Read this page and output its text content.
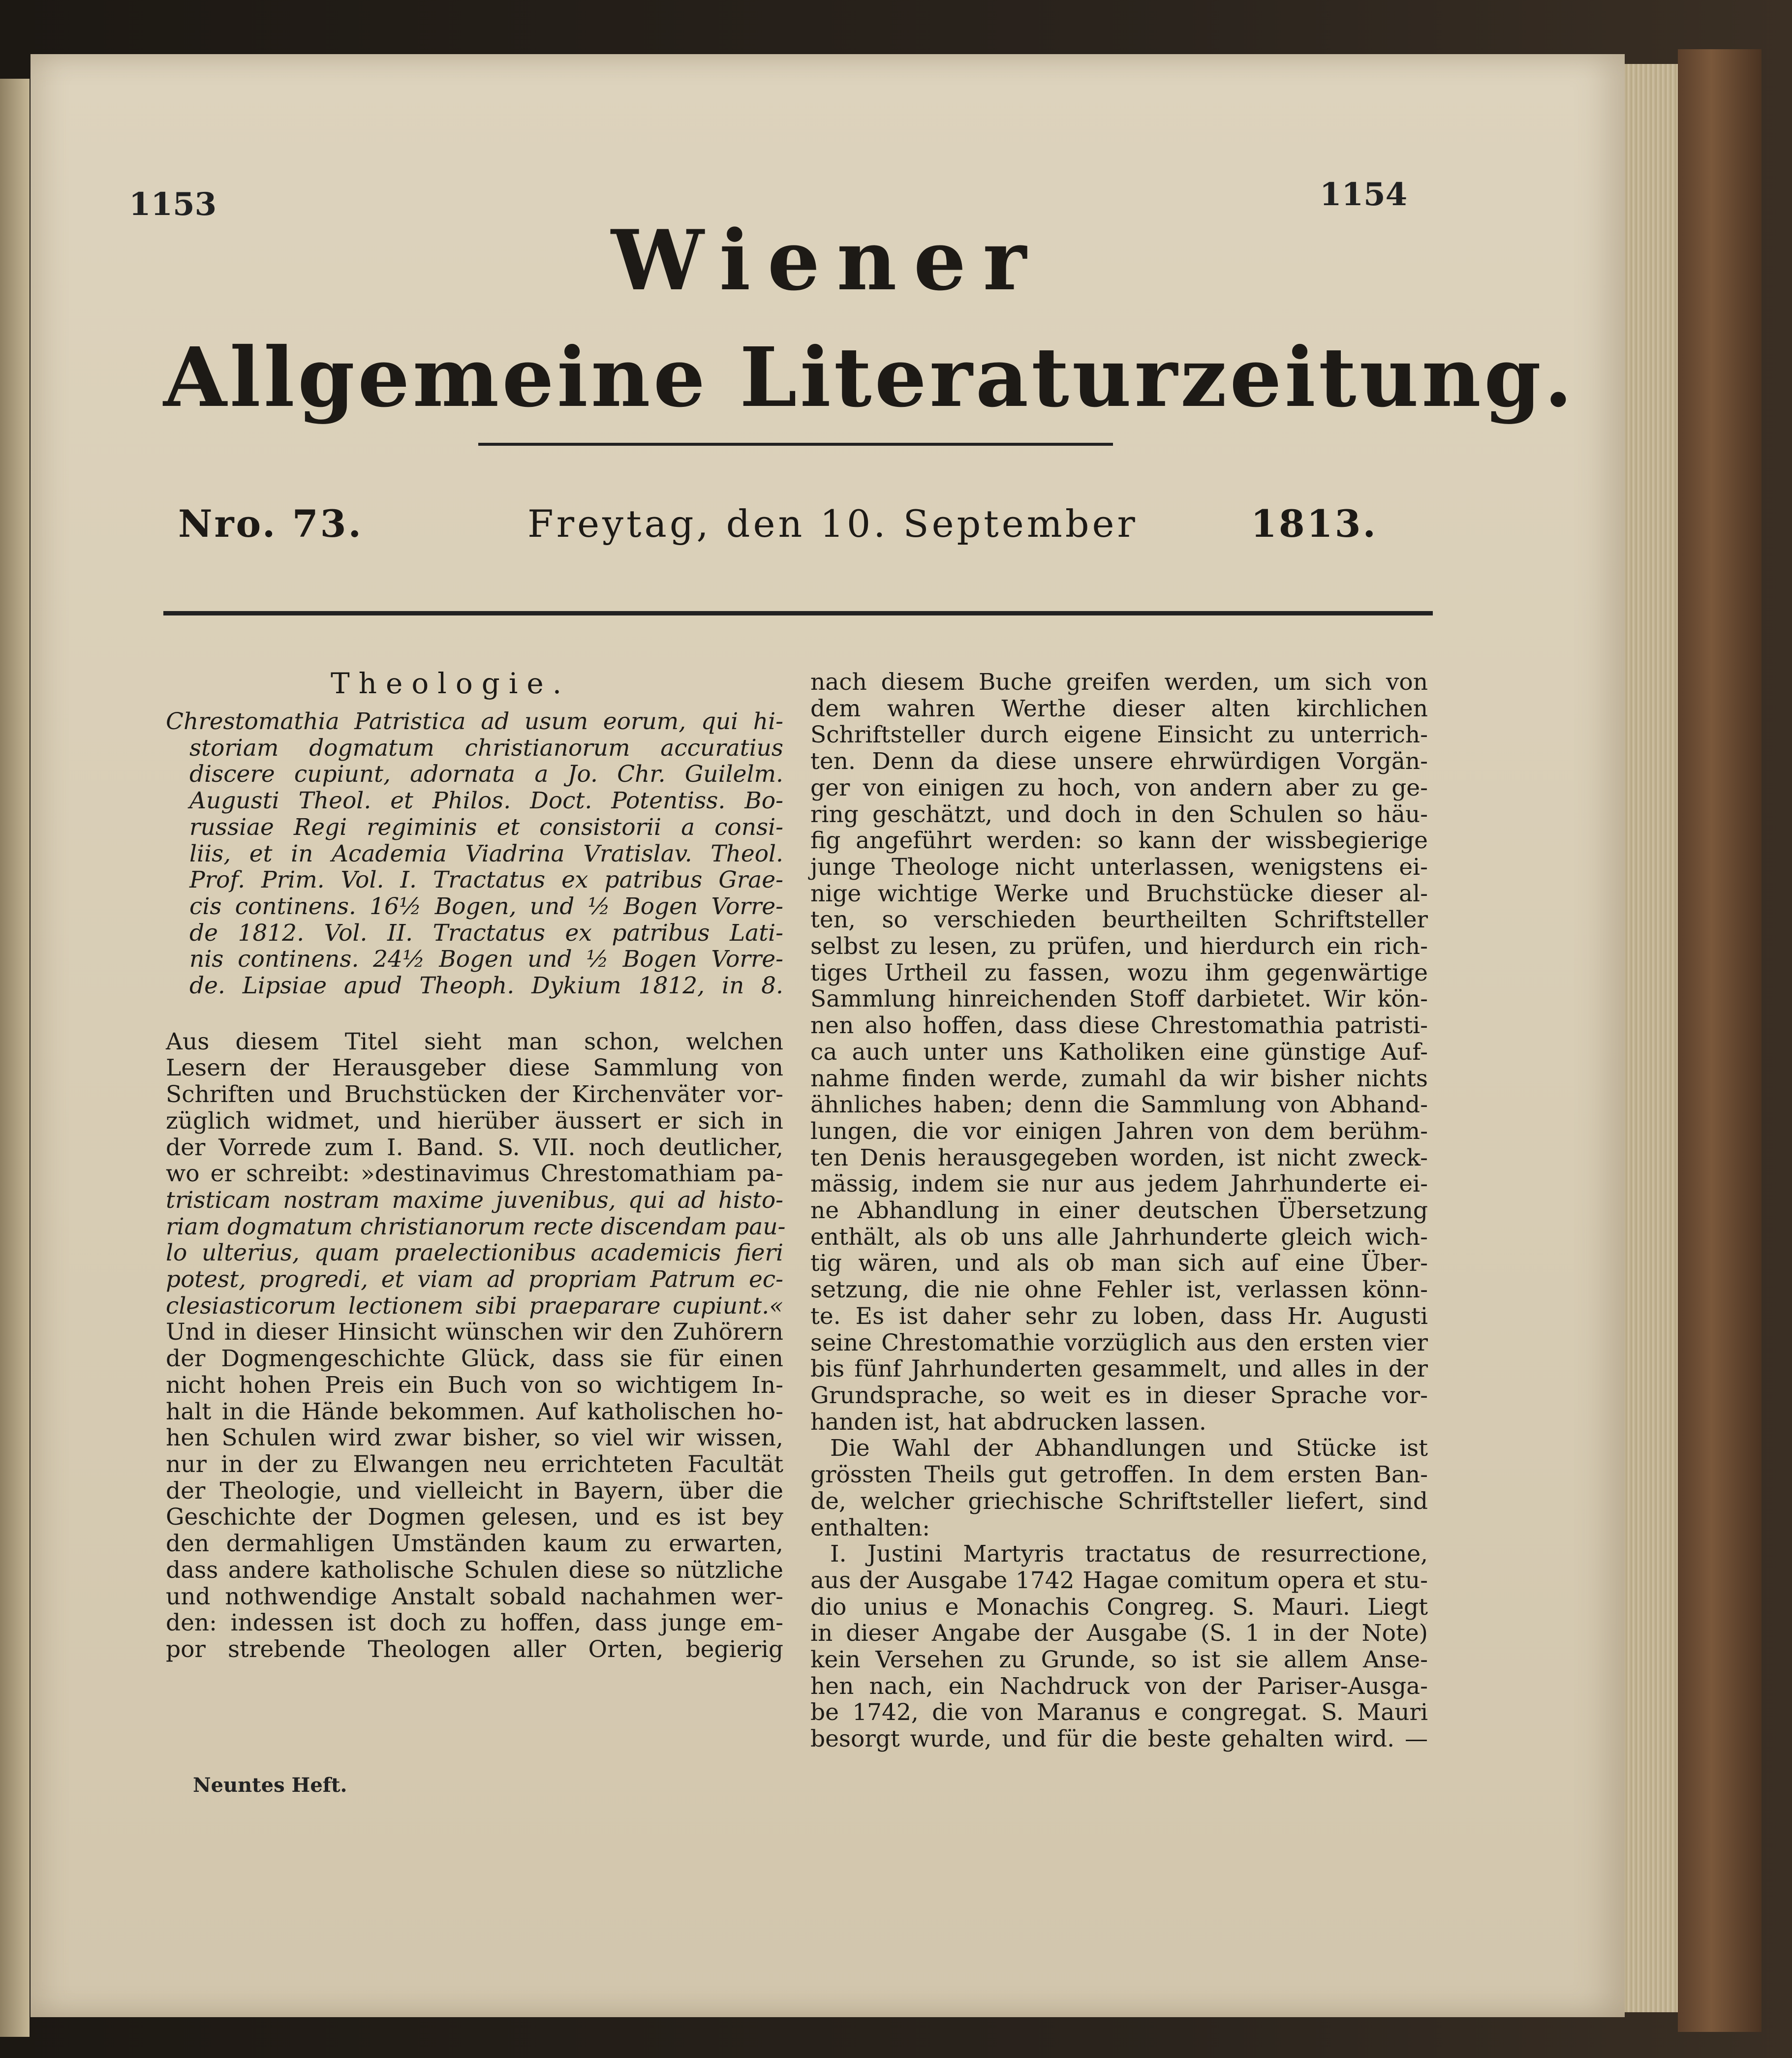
1153	1154
Wiener
Allgemeine Literaturzeitung.
Nro. 73.	Freytag, den 10. September	1813.
Theologie.
Chrestomathia Patristica ad usum eorum, qui hi-
storiam dogmatum christianorum accuratius
discere cupiunt, adornata a Jo. Chr. Guilelm.
Augusti Theol. et Philos. Doct. Potentiss. Bo-
russiae Regi regiminis et consistorii a consi-
liis, et in Academia Viadrina Vratislav. Theol.
Prof. Prim. Vol. I. Tractatus ex patribus Grae-
cis continens. 16½ Bogen, und ½ Bogen Vorre-
de 1812. Vol. II. Tractatus ex patribus Lati-
nis continens. 24½ Bogen und ½ Bogen Vorre-
de. Lipsiae apud Theoph. Dykium 1812, in 8.
Aus diesem Titel sieht man schon, welchen
Lesern der Herausgeber diese Sammlung von
Schriften und Bruchstücken der Kirchenväter vor-
züglich widmet, und hierüber äussert er sich in
der Vorrede zum I. Band. S. VII. noch deutlicher,
wo er schreibt: »destinavimus Chrestomathiam pa-
tristicam nostram maxime juvenibus, qui ad histo-
riam dogmatum christianorum recte discendam pau-
lo ulterius, quam praelectionibus academicis fieri
potest, progredi, et viam ad propriam Patrum ec-
clesiasticorum lectionem sibi praeparare cupiunt.«
Und in dieser Hinsicht wünschen wir den Zuhörern
der Dogmengeschichte Glück, dass sie für einen
nicht hohen Preis ein Buch von so wichtigem In-
halt in die Hände bekommen. Auf katholischen ho-
hen Schulen wird zwar bisher, so viel wir wissen,
nur in der zu Elwangen neu errichteten Facultät
der Theologie, und vielleicht in Bayern, über die
Geschichte der Dogmen gelesen, und es ist bey
den dermahligen Umständen kaum zu erwarten,
dass andere katholische Schulen diese so nützliche
und nothwendige Anstalt sobald nachahmen wer-
den: indessen ist doch zu hoffen, dass junge em-
por strebende Theologen aller Orten, begierig
Neuntes Heft.
nach diesem Buche greifen werden, um sich von
dem wahren Werthe dieser alten kirchlichen
Schriftsteller durch eigene Einsicht zu unterrich-
ten. Denn da diese unsere ehrwürdigen Vorgän-
ger von einigen zu hoch, von andern aber zu ge-
ring geschätzt, und doch in den Schulen so häu-
fig angeführt werden: so kann der wissbegierige
junge Theologe nicht unterlassen, wenigstens ei-
nige wichtige Werke und Bruchstücke dieser al-
ten, so verschieden beurtheilten Schriftsteller
selbst zu lesen, zu prüfen, und hierdurch ein rich-
tiges Urtheil zu fassen, wozu ihm gegenwärtige
Sammlung hinreichenden Stoff darbietet. Wir kön-
nen also hoffen, dass diese Chrestomathia patristi-
ca auch unter uns Katholiken eine günstige Auf-
nahme finden werde, zumahl da wir bisher nichts
ähnliches haben; denn die Sammlung von Abhand-
lungen, die vor einigen Jahren von dem berühm-
ten Denis herausgegeben worden, ist nicht zweck-
mässig, indem sie nur aus jedem Jahrhunderte ei-
ne Abhandlung in einer deutschen Übersetzung
enthält, als ob uns alle Jahrhunderte gleich wich-
tig wären, und als ob man sich auf eine Über-
setzung, die nie ohne Fehler ist, verlassen könn-
te. Es ist daher sehr zu loben, dass Hr. Augusti
seine Chrestomathie vorzüglich aus den ersten vier
bis fünf Jahrhunderten gesammelt, und alles in der
Grundsprache, so weit es in dieser Sprache vor-
handen ist, hat abdrucken lassen.
Die Wahl der Abhandlungen und Stücke ist
grössten Theils gut getroffen. In dem ersten Ban-
de, welcher griechische Schriftsteller liefert, sind
enthalten:
I. Justini Martyris tractatus de resurrectione,
aus der Ausgabe 1742 Hagae comitum opera et stu-
dio unius e Monachis Congreg. S. Mauri. Liegt
in dieser Angabe der Ausgabe (S. 1 in der Note)
kein Versehen zu Grunde, so ist sie allem Anse-
hen nach, ein Nachdruck von der Pariser-Ausga-
be 1742, die von Maranus e congregat. S. Mauri
besorgt wurde, und für die beste gehalten wird. —
